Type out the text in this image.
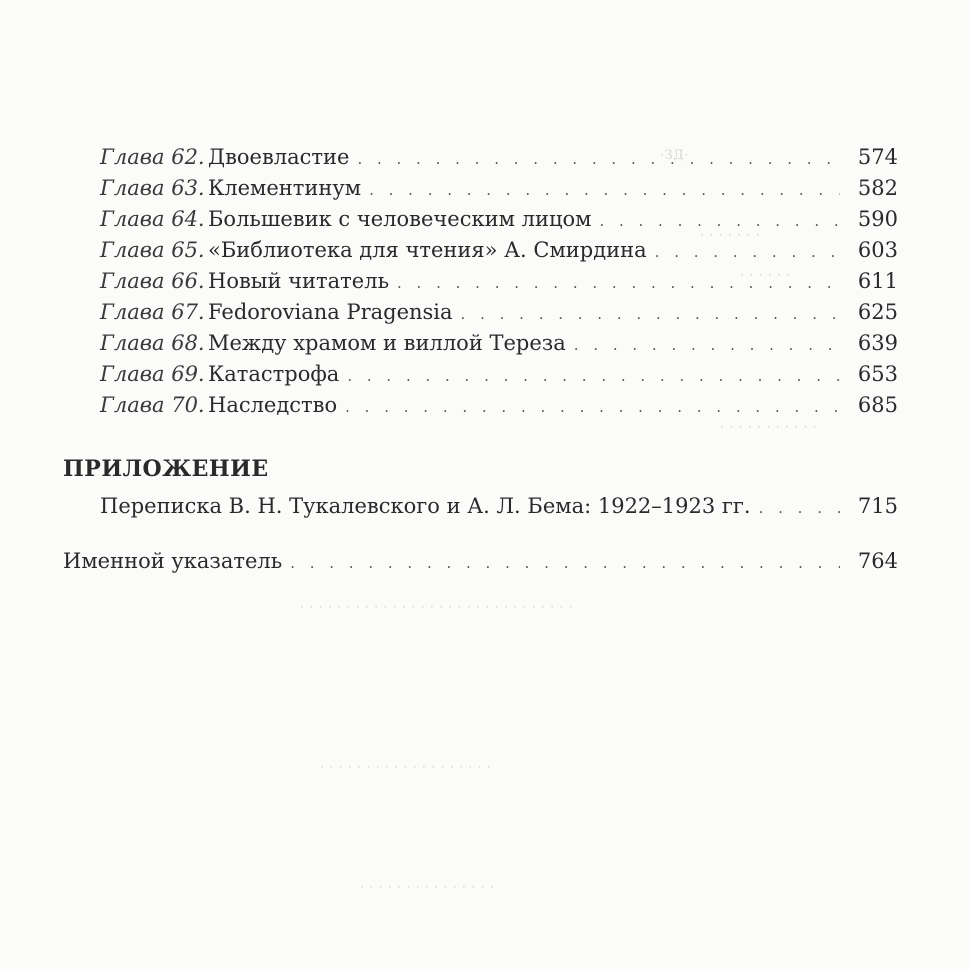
·ЗД·
· · · · · · ·
· · · · · ·
· · · · · · · · · · ·
· · · · · · · · · · · · · · · · · · · · · · · · · · · · · ·
· · · · · · · · · · · · · · · · · · ·
· · · · · · · · · · · · · · ·
Глава 62. Двоевластие . . .	574
Глава 63. Клементинум . . .	582
Глава 64. Большевик с человеческим лицом . . .	590
Глава 65. «Библиотека для чтения» А. Смирдина . . .	603
Глава 66. Новый читатель . . .	611
Глава 67. Fedoroviana Pragensia . . .	625
Глава 68. Между храмом и виллой Тереза . . .	639
Глава 69. Катастрофа . . .	653
Глава 70. Наследство . . .	685
ПРИЛОЖЕНИЕ
Переписка В. Н. Тукалевского и А. Л. Бема: 1922–1923 гг. . . .	715
Именной указатель . . .	764
